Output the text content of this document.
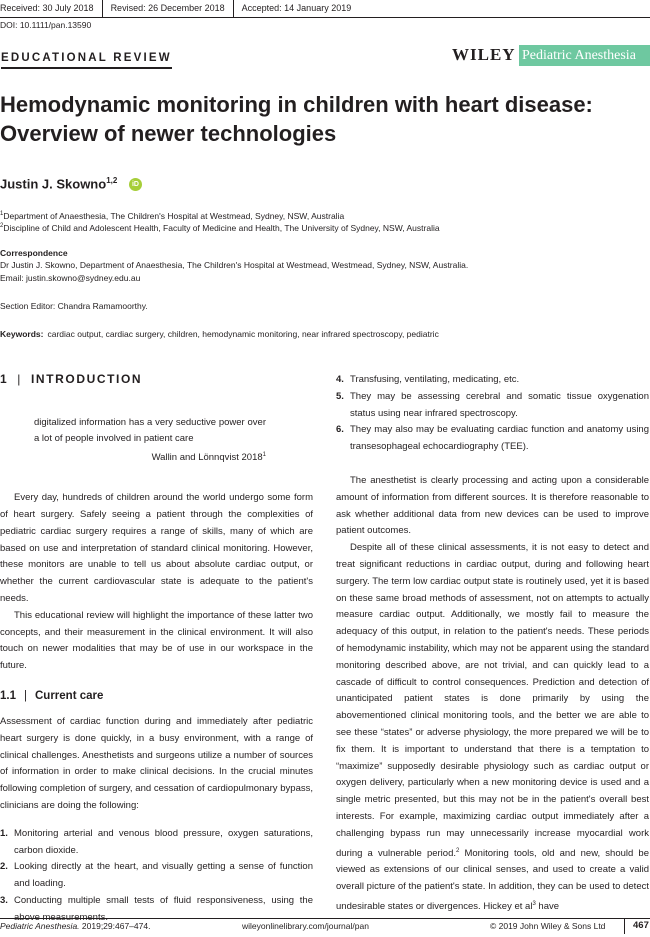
Received: 30 July 2018	Revised: 26 December 2018	Accepted: 14 January 2019
DOI: 10.1111/pan.13590
EDUCATIONAL REVIEW	WILEY Pediatric Anesthesia
Hemodynamic monitoring in children with heart disease:
Overview of newer technologies
Justin J. Skowno$^{1,2}$ iD
$^1$Department of Anaesthesia, The Children's Hospital at Westmead, Sydney, NSW, Australia
$^2$Discipline of Child and Adolescent Health, Faculty of Medicine and Health, The University of Sydney, NSW, Australia
Correspondence
Dr Justin J. Skowno, Department of Anaesthesia, The Children's Hospital at Westmead, Westmead, Sydney, NSW, Australia.
Email: justin.skowno@sydney.edu.au
Section Editor: Chandra Ramamoorthy.
Keywords: cardiac output, cardiac surgery, children, hemodynamic monitoring, near infrared spectroscopy, pediatric
1 | INTRODUCTION
digitalized information has a very seductive power over a lot of people involved in patient care
Wallin and Lönnqvist 2018$^1$

Every day, hundreds of children around the world undergo some form of heart surgery. Safely seeing a patient through the complexities of pediatric cardiac surgery requires a range of skills, many of which are based on use and interpretation of standard clinical monitoring. However, these monitors are unable to tell us about absolute cardiac output, or whether the current cardiovascular state is adequate to the patient's needs.

This educational review will highlight the importance of these latter two concepts, and their measurement in the clinical environment. It will also touch on newer modalities that may be of use in our workspace in the future.

1.1 | Current care

Assessment of cardiac function during and immediately after pediatric heart surgery is done quickly, in a busy environment, with a range of clinical challenges. Anesthetists and surgeons utilize a number of sources of information in order to make clinical decisions. In the crucial minutes following completion of surgery, and cessation of cardiopulmonary bypass, clinicians are doing the following:

1. Monitoring arterial and venous blood pressure, oxygen saturations, carbon dioxide.
2. Looking directly at the heart, and visually getting a sense of function and loading.
3. Conducting multiple small tests of fluid responsiveness, using the above measurements.
4. Transfusing, ventilating, medicating, etc.
5. They may be assessing cerebral and somatic tissue oxygenation status using near infrared spectroscopy.
6. They may also may be evaluating cardiac function and anatomy using transesophageal echocardiography (TEE).

The anesthetist is clearly processing and acting upon a considerable amount of information from different sources. It is therefore reasonable to ask whether additional data from new devices can be used to improve patient outcomes.

Despite all of these clinical assessments, it is not easy to detect and treat significant reductions in cardiac output, during and following heart surgery. The term low cardiac output state is routinely used, yet it is based on these same broad methods of assessment, not on attempts to actually measure cardiac output. Additionally, we mostly fail to measure the adequacy of this output, in relation to the patient's needs. These periods of hemodynamic instability, which may not be apparent using the standard monitoring described above, are not trivial, and can quickly lead to a cascade of difficult to control consequences. Prediction and detection of unanticipated patient states is done primarily by using the abovementioned clinical monitoring tools, and the better we are able to see these “states” or adverse physiology, the more prepared we will be to fix them. It is important to understand that there is a temptation to “maximize” supposedly desirable physiology such as cardiac output or oxygen delivery, particularly when a new monitoring device is used and a single metric presented, but this may not be in the patient's overall best interests. For example, maximizing cardiac output immediately after a challenging bypass run may unnecessarily increase myocardial work during a vulnerable period.$^2$ Monitoring tools, old and new, should be viewed as extensions of our clinical senses, and used to create a valid overall picture of the patient's state. In addition, they can be used to detect undesirable states or divergences. Hickey et $al^3$ have

Pediatric Anesthesia. 2019;29:467–474.	wileyonlinelibrary.com/journal/pan	© 2019 John Wiley & Sons Ltd	467
